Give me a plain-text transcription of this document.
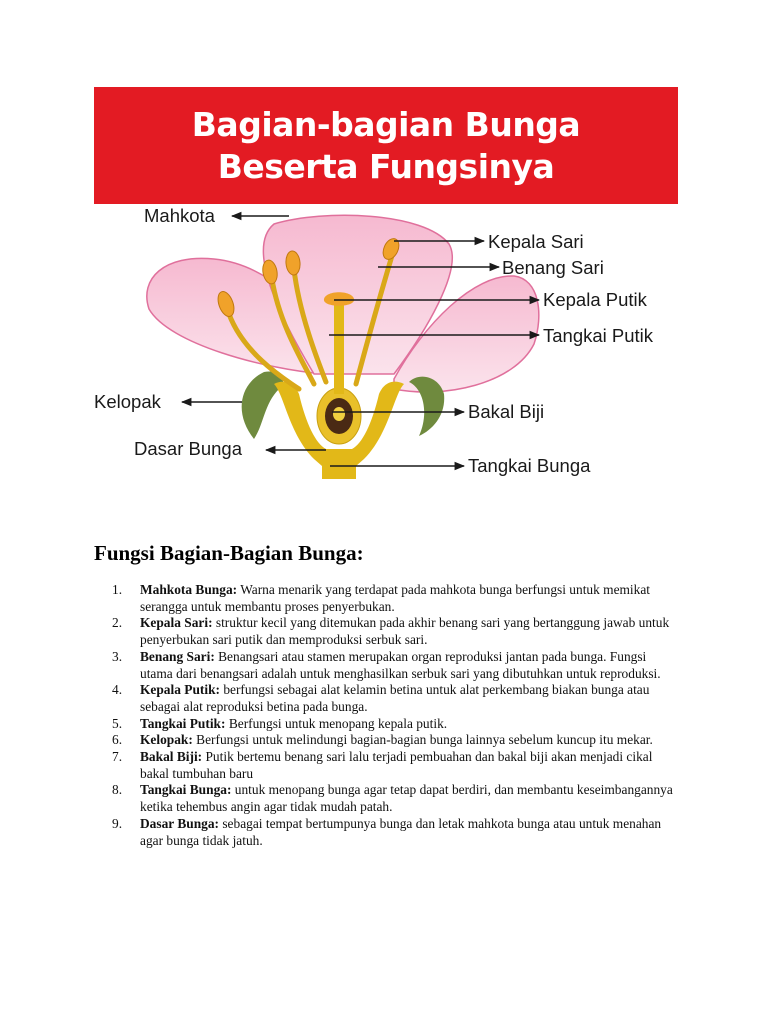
Bagian-bagian Bunga
Beserta Fungsinya
Mahkota
Kepala Sari
Benang Sari
Kepala Putik
Tangkai Putik
Kelopak	Bakal Biji
Dasar Bunga
Tangkai Bunga
Fungsi Bagian-Bagian Bunga:
1. Mahkota Bunga: Warna menarik yang terdapat pada mahkota bunga berfungsi untuk memikat serangga untuk membantu proses penyerbukan.
2. Kepala Sari: struktur kecil yang ditemukan pada akhir benang sari yang bertanggung jawab untuk penyerbukan sari putik dan memproduksi serbuk sari.
3. Benang Sari: Benangsari atau stamen merupakan organ reproduksi jantan pada bunga. Fungsi utama dari benangsari adalah untuk menghasilkan serbuk sari yang dibutuhkan untuk reproduksi.
4. Kepala Putik: berfungsi sebagai alat kelamin betina untuk alat perkembang biakan bunga atau sebagai alat reproduksi betina pada bunga.
5. Tangkai Putik: Berfungsi untuk menopang kepala putik.
6. Kelopak: Berfungsi untuk melindungi bagian-bagian bunga lainnya sebelum kuncup itu mekar.
7. Bakal Biji: Putik bertemu benang sari lalu terjadi pembuahan dan bakal biji akan menjadi cikal bakal tumbuhan baru
8. Tangkai Bunga: untuk menopang bunga agar tetap dapat berdiri, dan membantu keseimbangannya ketika tehembus angin agar tidak mudah patah.
9. Dasar Bunga: sebagai tempat bertumpunya bunga dan letak mahkota bunga atau untuk menahan agar bunga tidak jatuh.
